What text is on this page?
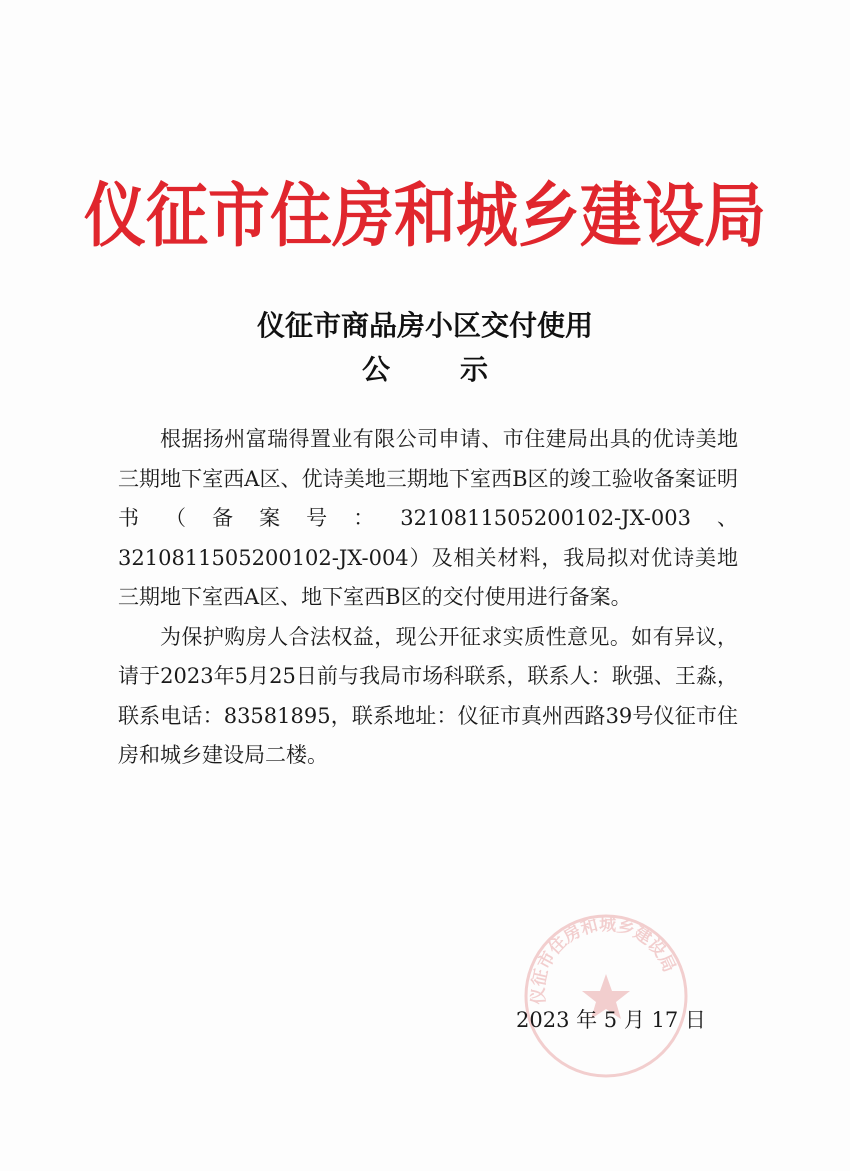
仪征市住房和城乡建设局
仪征市商品房小区交付使用
公示

根据扬州富瑞得置业有限公司申请、市住建局出具的优诗美地三期地下室西A区、优诗美地三期地下室西B区的竣工验收备案证明书（备案号：321081150520010​2-JX-003、3210811505200102-JX-004）及相关材料，我局拟对优诗美地三期地下室西A区、地下室西B区的交付使用进行备案。

为保护购房人合法权益，现公开征求实质性意见。如有异议，请于2023年5月25日前与我局市场科联系，联系人：耿强、王淼，联系电话：83581895，联系地址：仪征市真州西路39号仪征市住房和城乡建设局二楼。

仪征市住房和城乡建设局
2023 年 5 月 17 日
